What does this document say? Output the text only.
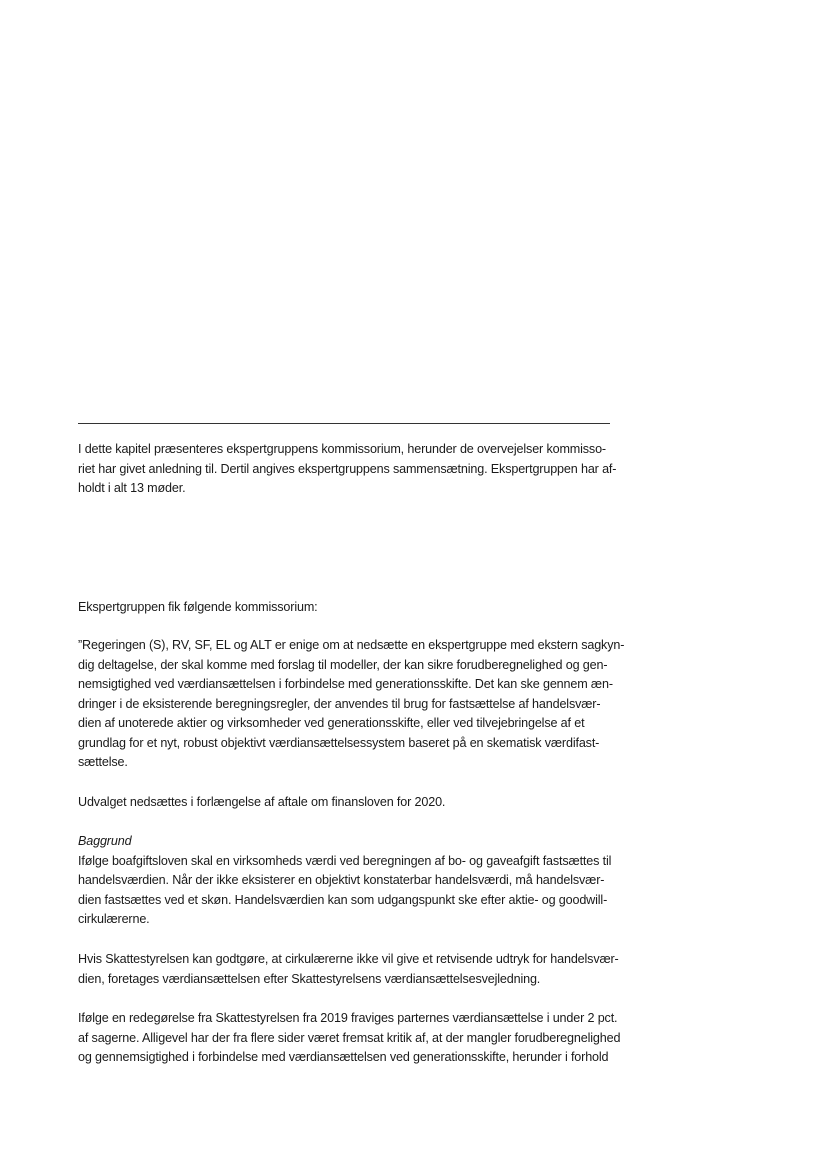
I dette kapitel præsenteres ekspertgruppens kommissorium, herunder de overvejelser kommisso-
riet har givet anledning til. Dertil angives ekspertgruppens sammensætning. Ekspertgruppen har af-
holdt i alt 13 møder.
Ekspertgruppen fik følgende kommissorium:
”Regeringen (S), RV, SF, EL og ALT er enige om at nedsætte en ekspertgruppe med ekstern sagkyn-
dig deltagelse, der skal komme med forslag til modeller, der kan sikre forudberegnelighed og gen-
nemsigtighed ved værdiansættelsen i forbindelse med generationsskifte. Det kan ske gennem æn-
dringer i de eksisterende beregningsregler, der anvendes til brug for fastsættelse af handelsvær-
dien af unoterede aktier og virksomheder ved generationsskifte, eller ved tilvejebringelse af et
grundlag for et nyt, robust objektivt værdiansættelsessystem baseret på en skematisk værdifast-
sættelse.
Udvalget nedsættes i forlængelse af aftale om finansloven for 2020.
Baggrund
Ifølge boafgiftsloven skal en virksomheds værdi ved beregningen af bo- og gaveafgift fastsættes til
handelsværdien. Når der ikke eksisterer en objektivt konstaterbar handelsværdi, må handelsvær-
dien fastsættes ved et skøn. Handelsværdien kan som udgangspunkt ske efter aktie- og goodwill-
cirkulærerne.
Hvis Skattestyrelsen kan godtgøre, at cirkulærerne ikke vil give et retvisende udtryk for handelsvær-
dien, foretages værdiansættelsen efter Skattestyrelsens værdiansættelsesvejledning.
Ifølge en redegørelse fra Skattestyrelsen fra 2019 fraviges parternes værdiansættelse i under 2 pct.
af sagerne. Alligevel har der fra flere sider været fremsat kritik af, at der mangler forudberegnelighed
og gennemsigtighed i forbindelse med værdiansættelsen ved generationsskifte, herunder i forhold
